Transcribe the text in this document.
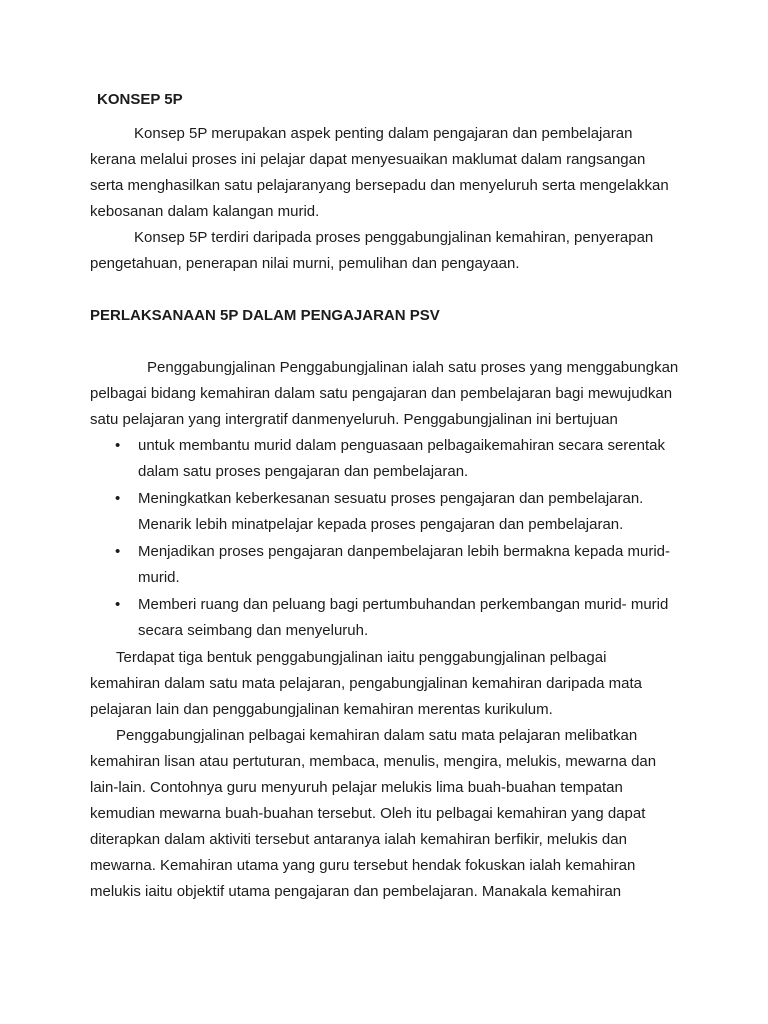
KONSEP 5P
Konsep 5P merupakan aspek penting dalam pengajaran dan pembelajaran
kerana melalui proses ini pelajar dapat menyesuaikan maklumat dalam rangsangan
serta menghasilkan satu pelajaranyang bersepadu dan menyeluruh serta mengelakkan
kebosanan dalam kalangan murid.
Konsep 5P terdiri daripada proses penggabungjalinan kemahiran, penyerapan
pengetahuan, penerapan nilai murni, pemulihan dan pengayaan.
PERLAKSANAAN 5P DALAM PENGAJARAN PSV
Penggabungjalinan Penggabungjalinan ialah satu proses yang menggabungkan
pelbagai bidang kemahiran dalam satu pengajaran dan pembelajaran bagi mewujudkan
satu pelajaran yang intergratif danmenyeluruh. Penggabungjalinan ini bertujuan
• untuk membantu murid dalam penguasaan pelbagaikemahiran secara serentak
dalam satu proses pengajaran dan pembelajaran.
• Meningkatkan keberkesanan sesuatu proses pengajaran dan pembelajaran.
Menarik lebih minatpelajar kepada proses pengajaran dan pembelajaran.
• Menjadikan proses pengajaran danpembelajaran lebih bermakna kepada murid-
murid.
• Memberi ruang dan peluang bagi pertumbuhandan perkembangan murid- murid
secara seimbang dan menyeluruh.
Terdapat tiga bentuk penggabungjalinan iaitu penggabungjalinan pelbagai
kemahiran dalam satu mata pelajaran, pengabungjalinan kemahiran daripada mata
pelajaran lain dan penggabungjalinan kemahiran merentas kurikulum.
Penggabungjalinan pelbagai kemahiran dalam satu mata pelajaran melibatkan
kemahiran lisan atau pertuturan, membaca, menulis, mengira, melukis, mewarna dan
lain-lain. Contohnya guru menyuruh pelajar melukis lima buah-buahan tempatan
kemudian mewarna buah-buahan tersebut. Oleh itu pelbagai kemahiran yang dapat
diterapkan dalam aktiviti tersebut antaranya ialah kemahiran berfikir, melukis dan
mewarna. Kemahiran utama yang guru tersebut hendak fokuskan ialah kemahiran
melukis iaitu objektif utama pengajaran dan pembelajaran. Manakala kemahiran
